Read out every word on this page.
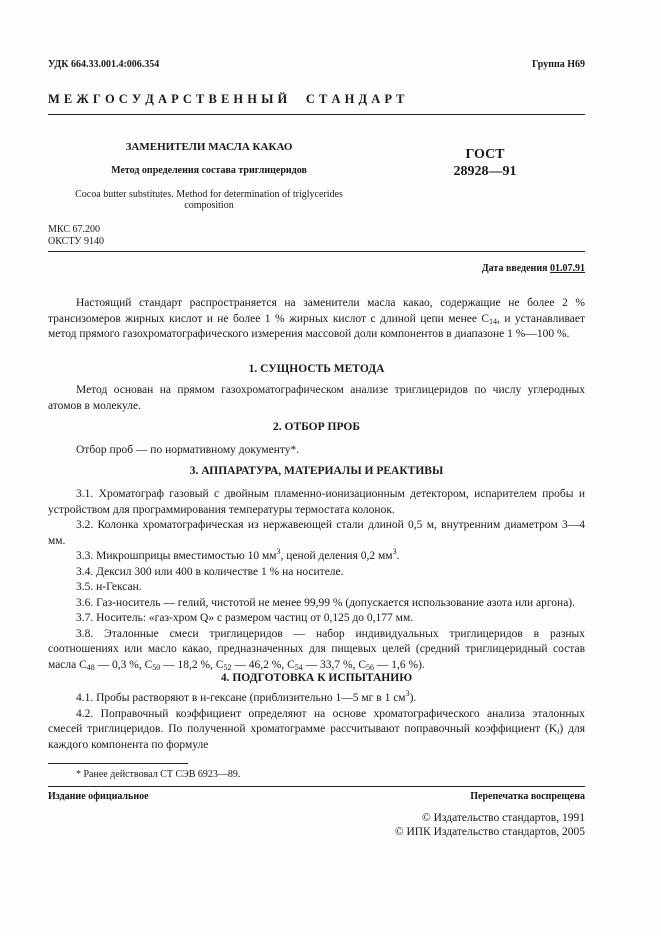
УДК 664.33.001.4:006.354	Группа Н69
М Е Ж Г О С У Д А Р С Т В Е Н Н Ы Й     С Т А Н Д А Р Т
ЗАМЕНИТЕЛИ МАСЛА КАКАО
Метод определения состава триглицеридов
ГОСТ
28928—91
Cocoa butter substitutes. Method for determination of triglycerides
composition
МКС 67.200
ОКСТУ 9140
Дата введения 01.07.91
Настоящий стандарт распространяется на заменители масла какао, содержащие не более 2 % трансизомеров жирных кислот и не более 1 % жирных кислот с длиной цепи менее $C_{14}$, и устанавливает метод прямого газохроматографического измерения массовой доли компонентов в диапазоне 1 %—100 %.
1. СУЩНОСТЬ МЕТОДА
Метод основан на прямом газохроматографическом анализе триглицеридов по числу углеродных атомов в молекуле.
2. ОТБОР ПРОБ
Отбор проб — по нормативному документу*.
3. АППАРАТУРА, МАТЕРИАЛЫ И РЕАКТИВЫ
3.1. Хроматограф газовый с двойным пламенно-ионизационным детектором, испарителем пробы и устройством для программирования температуры термостата колонок.
3.2. Колонка хроматографическая из нержавеющей стали длиной 0,5 м, внутренним диаметром 3—4 мм.
3.3. Микрошприцы вместимостью 10 $мм^3$, ценой деления 0,2 $мм^3$.
3.4. Дексил 300 или 400 в количестве 1 % на носителе.
3.5. н-Гексан.
3.6. Газ-носитель — гелий, чистотой не менее 99,99 % (допускается использование азота или аргона).
3.7. Носитель: «газ-хром Q» с размером частиц от 0,125 до 0,177 мм.
3.8. Эталонные смеси триглицеридов — набор индивидуальных триглицеридов в разных соотношениях или масло какао, предназначенных для пищевых целей (средний триглицеридный состав масла $C_{48}$ — 0,3 %, $C_{50}$ — 18,2 %, $C_{52}$ — 46,2 %, $C_{54}$ — 33,7 %, $C_{56}$ — 1,6 %).
4. ПОДГОТОВКА К ИСПЫТАНИЮ
4.1. Пробы растворяют в н-гексане (приблизительно 1—5 мг в 1 $см^3$).
4.2. Поправочный коэффициент определяют на основе хроматографического анализа эталонных смесей триглицеридов. По полученной хроматограмме рассчитывают поправочный коэффициент $(K_i)$ для каждого компонента по формуле
* Ранее действовал СТ СЭВ 6923—89.
Издание официальное	Перепечатка воспрещена
© Издательство стандартов, 1991
© ИПК Издательство стандартов, 2005
